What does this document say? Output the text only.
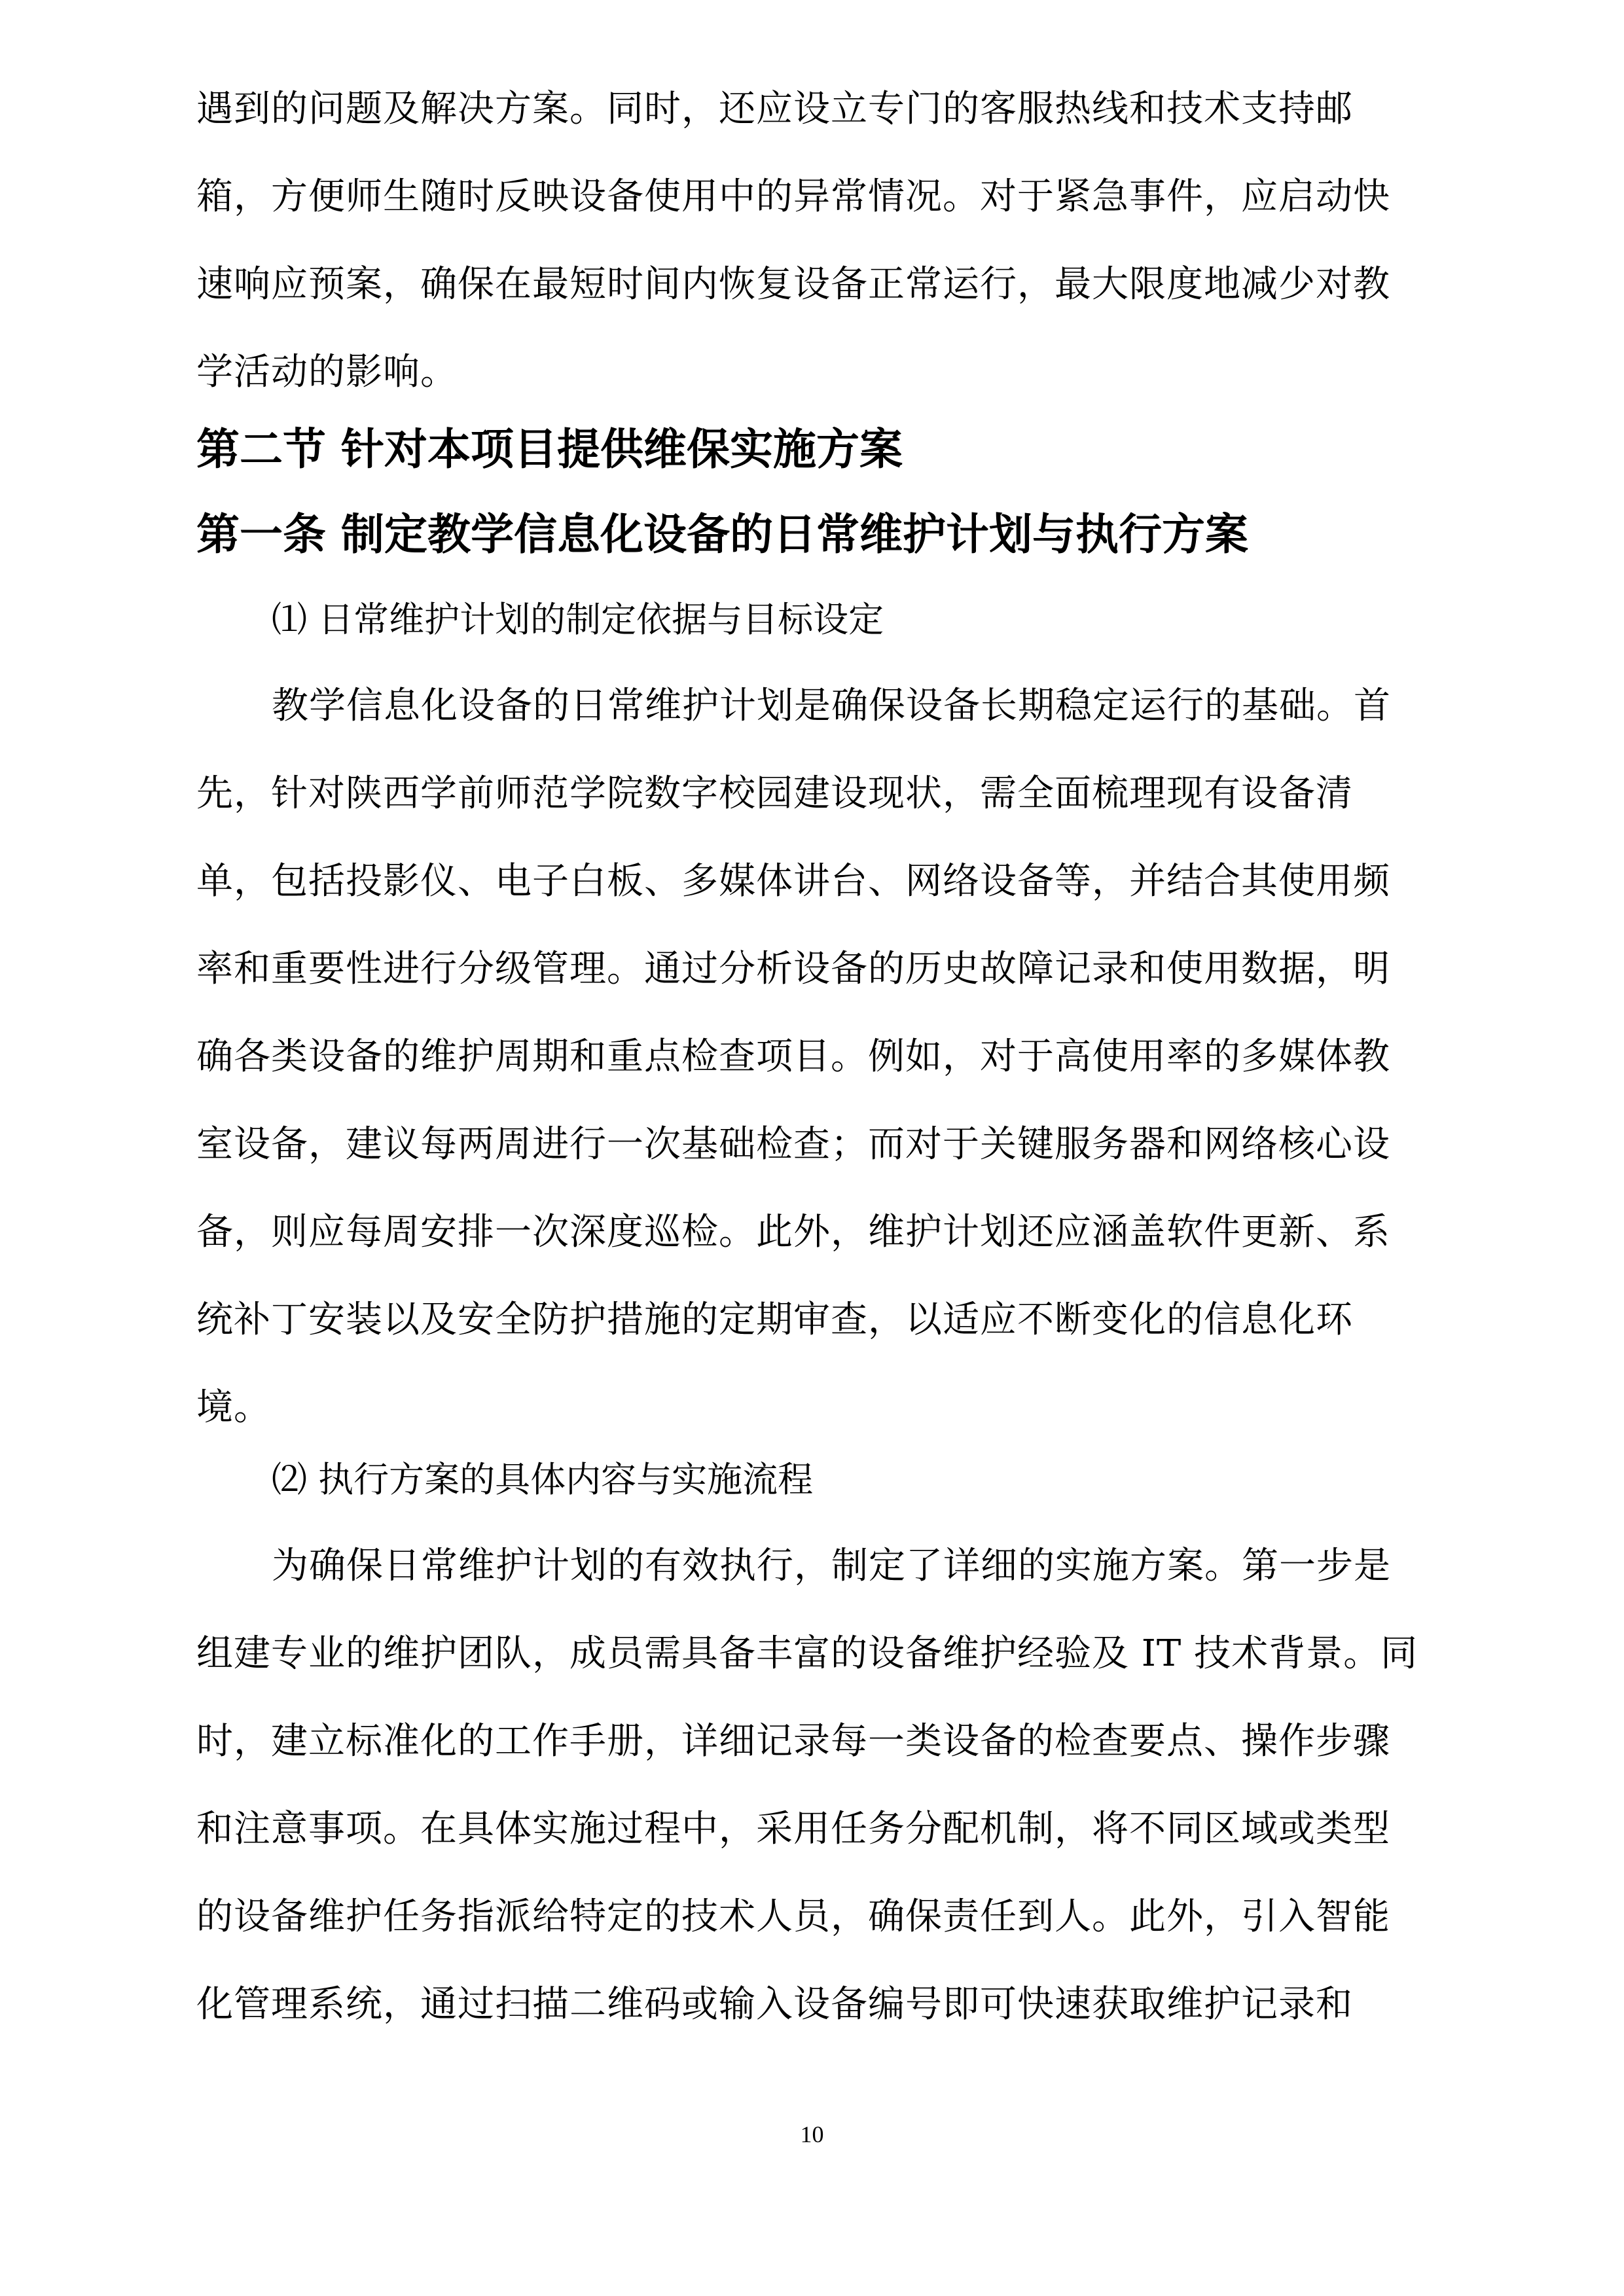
遇到的问题及解决方案。同时，还应设立专门的客服热线和技术支持邮箱，方便师生随时反映设备使用中的异常情况。对于紧急事件，应启动快速响应预案，确保在最短时间内恢复设备正常运行，最大限度地减少对教学活动的影响。

第二节 针对本项目提供维保实施方案
第一条 制定教学信息化设备的日常维护计划与执行方案

⑴ 日常维护计划的制定依据与目标设定

教学信息化设备的日常维护计划是确保设备长期稳定运行的基础。首先，针对陕西学前师范学院数字校园建设现状，需全面梳理现有设备清单，包括投影仪、电子白板、多媒体讲台、网络设备等，并结合其使用频率和重要性进行分级管理。通过分析设备的历史故障记录和使用数据，明确各类设备的维护周期和重点检查项目。例如，对于高使用率的多媒体教室设备，建议每两周进行一次基础检查；而对于关键服务器和网络核心设备，则应每周安排一次深度巡检。此外，维护计划还应涵盖软件更新、系统补丁安装以及安全防护措施的定期审查，以适应不断变化的信息化环境。

⑵ 执行方案的具体内容与实施流程

为确保日常维护计划的有效执行，制定了详细的实施方案。第一步是组建专业的维护团队，成员需具备丰富的设备维护经验及 IT 技术背景。同时，建立标准化的工作手册，详细记录每一类设备的检查要点、操作步骤和注意事项。在具体实施过程中，采用任务分配机制，将不同区域或类型的设备维护任务指派给特定的技术人员，确保责任到人。此外，引入智能化管理系统，通过扫描二维码或输入设备编号即可快速获取维护记录和

10
